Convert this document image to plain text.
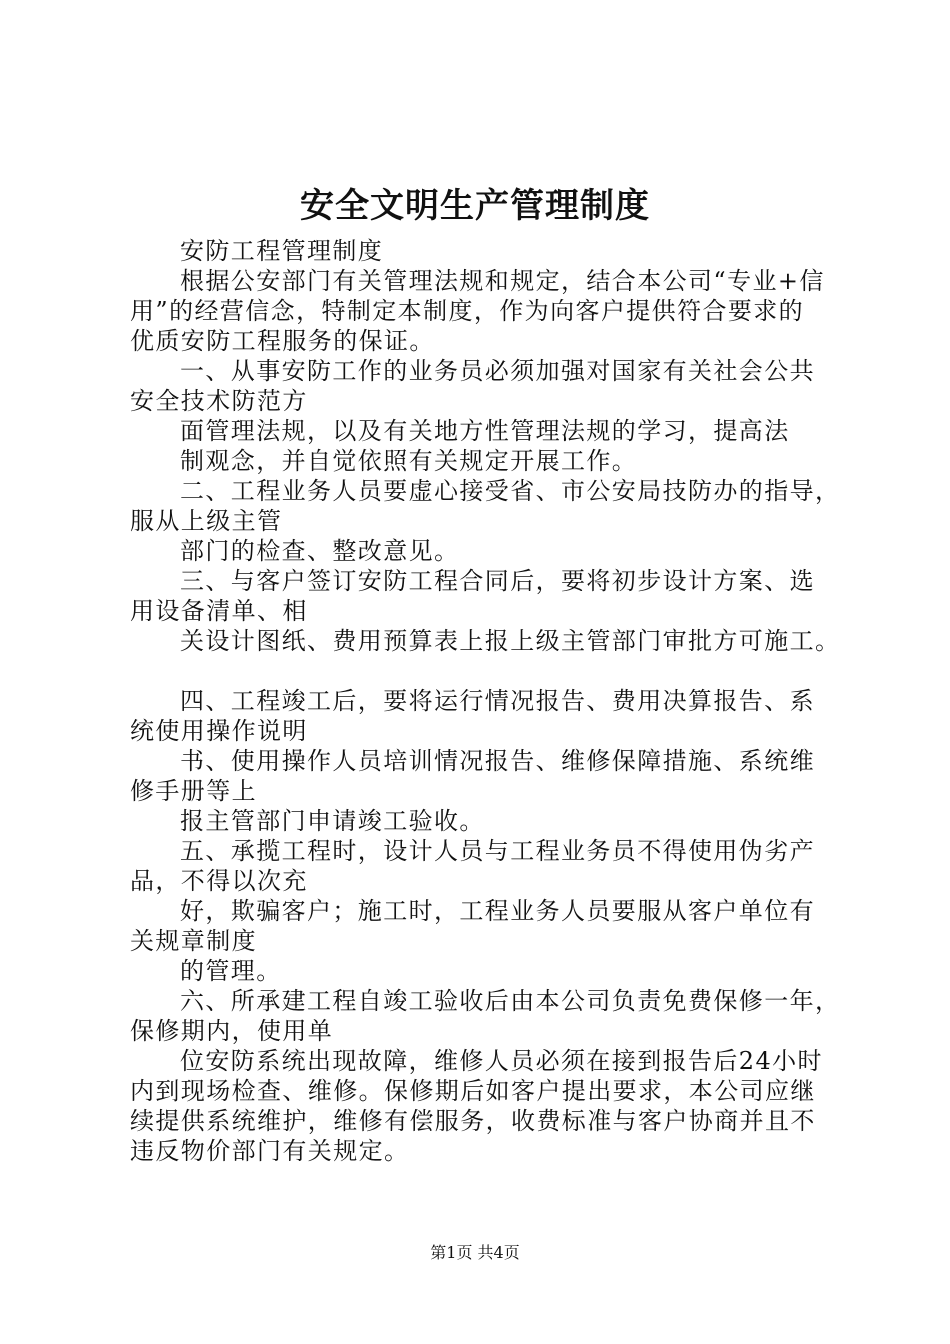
安全文明生产管理制度
安防工程管理制度
根据公安部门有关管理法规和规定，结合本公司“专业+信
用”的经营信念，特制定本制度，作为向客户提供符合要求的
优质安防工程服务的保证。
一、从事安防工作的业务员必须加强对国家有关社会公共
安全技术防范方
面管理法规，以及有关地方性管理法规的学习，提高法
制观念，并自觉依照有关规定开展工作。
二、工程业务人员要虚心接受省、市公安局技防办的指导，
服从上级主管
部门的检查、整改意见。
三、与客户签订安防工程合同后，要将初步设计方案、选
用设备清单、相
关设计图纸、费用预算表上报上级主管部门审批方可施工。
四、工程竣工后，要将运行情况报告、费用决算报告、系
统使用操作说明
书、使用操作人员培训情况报告、维修保障措施、系统维
修手册等上
报主管部门申请竣工验收。
五、承揽工程时，设计人员与工程业务员不得使用伪劣产
品，不得以次充
好，欺骗客户；施工时，工程业务人员要服从客户单位有
关规章制度
的管理。
六、所承建工程自竣工验收后由本公司负责免费保修一年，
保修期内，使用单
位安防系统出现故障，维修人员必须在接到报告后24小时
内到现场检查、维修。保修期后如客户提出要求，本公司应继
续提供系统维护，维修有偿服务，收费标准与客户协商并且不
违反物价部门有关规定。
第1页 共4页
